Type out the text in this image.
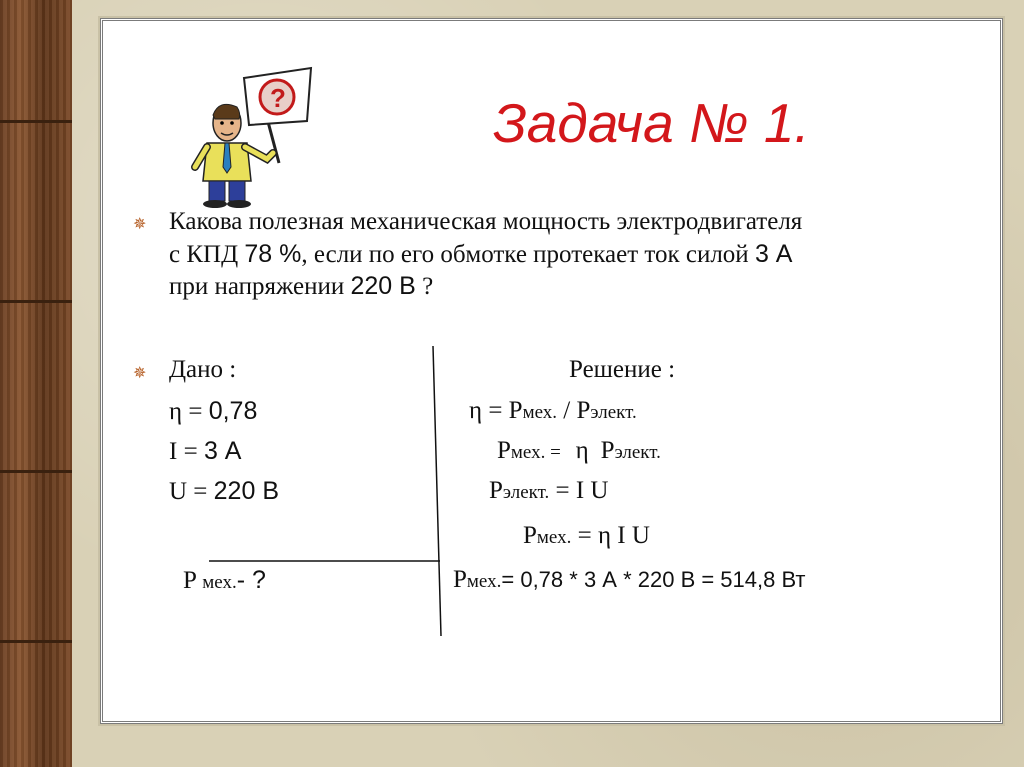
?	Задача № 1.
✵ Какова полезная механическая мощность электродвигателя
с КПД 78 %, если по его обмотке протекает ток силой 3 А
при напряжении 220 В ?
✵ Дано :
η = 0,78
I = 3 А
U = 220 В
P мех.- ?
Решение :
η = Pмех. / Pэлект.
Pмех. = η Pэлект.
Pэлект. = I U
Pмех. = η I U
Pмех.= 0,78 * 3 А * 220 В = 514,8 Вт
